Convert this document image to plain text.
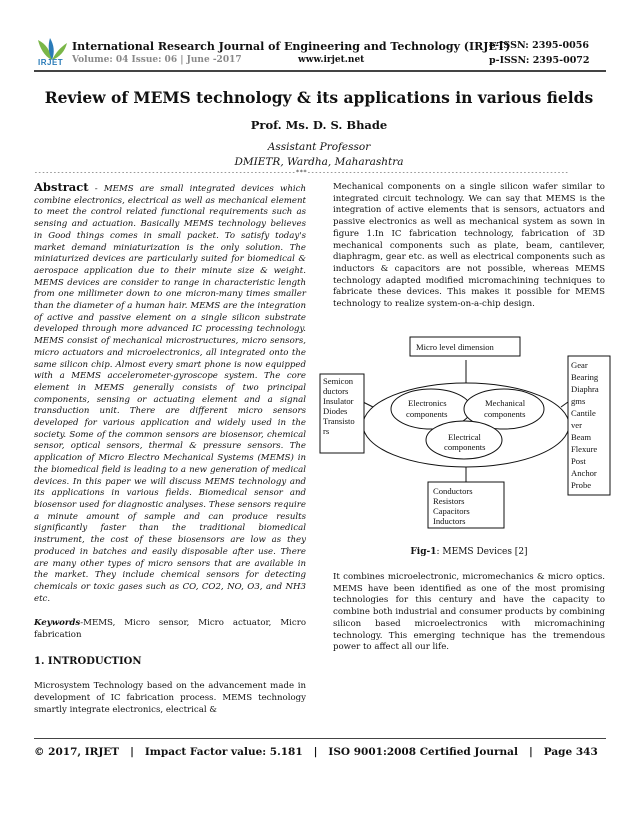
IRJET
International Research Journal of Engineering and Technology (IRJET)
e-ISSN: 2395-0056
Volume: 04 Issue: 06 | June -2017	www.irjet.net	p-ISSN: 2395-0072
Review of MEMS technology & its applications in various fields
Prof. Ms. D. S. Bhade
Assistant Professor
DMIETR, Wardha, Maharashtra
---------------------------------------------------------------------***---------------------------------------------------------------------
Abstract - MEMS are small integrated devices which combine electronics, electrical as well as mechanical element to meet the control related functional requirements such as sensing and actuation. Basically MEMS technology believes in Good things comes in small packet. To satisfy today's market demand miniaturization is the only solution. The miniaturized devices are particularly suited for biomedical & aerospace application due to their minute size & weight. MEMS devices are consider to range in characteristic length from one millimeter down to one micron-many times smaller than the diameter of a human hair. MEMS are the integration of active and passive element on a single silicon substrate developed through more advanced IC processing technology. MEMS consist of mechanical microstructures, micro sensors, micro actuators and microelectronics, all integrated onto the same silicon chip. Almost every smart phone is now equipped with a MEMS accelerometer-gyroscope system. The core element in MEMS generally consists of two principal components, sensing or actuating element and a signal transduction unit. There are different micro sensors developed for various application and widely used in the society. Some of the common sensors are biosensor, chemical sensor, optical sensors, thermal & pressure sensors. The application of Micro Electro Mechanical Systems (MEMS) in the biomedical field is leading to a new generation of medical devices. In this paper we will discuss MEMS technology and its applications in various fields. Biomedical sensor and biosensor used for diagnostic analyses. These sensors require a minute amount of sample and can produce results significantly faster than the traditional biomedical instrument, the cost of these biosensors are low as they produced in batches and easily disposable after use. There are many other types of micro sensors that are available in the market. They include chemical sensors for detecting chemicals or toxic gases such as CO, CO2, NO, O3, and NH3 etc.
Keywords-MEMS, Micro sensor, Micro actuator, Micro fabrication
1. INTRODUCTION
Microsystem Technology based on the advancement made in development of IC fabrication process. MEMS technology smartly integrate electronics, electrical &
Mechanical components on a single silicon wafer similar to integrated circuit technology. We can say that MEMS is the integration of active elements that is sensors, actuators and passive electronics as well as mechanical system as sown in figure 1.In IC fabrication technology, fabrication of 3D mechanical components such as plate, beam, cantilever, diaphragm, gear etc. as well as electrical components such as inductors & capacitors are not possible, whereas MEMS technology adapted modified micromachining techniques to fabricate these devices. This makes it possible for MEMS technology to realize system-on-a-chip design.
Micro level dimension
Semicon
ductors
Insulator
Diodes
Transisto
rs
Gear
Bearing
Diaphra
gms
Cantile
ver
Beam
Flexure
Post
Anchor
Probe
Electronics
components
Mechanical
components
Electrical
components
Conductors
Resistors
Capacitors
Inductors
Fig-1: MEMS Devices [2]
It combines microelectronic, micromechanics & micro optics. MEMS have been identified as one of the most promising technologies for this century and have the capacity to combine both industrial and consumer products by combining silicon based microelectronics with micromachining technology. This emerging technique has the tremendous power to affect all our life.
© 2017, IRJET   |   Impact Factor value: 5.181   |   ISO 9001:2008 Certified Journal   |   Page 343
